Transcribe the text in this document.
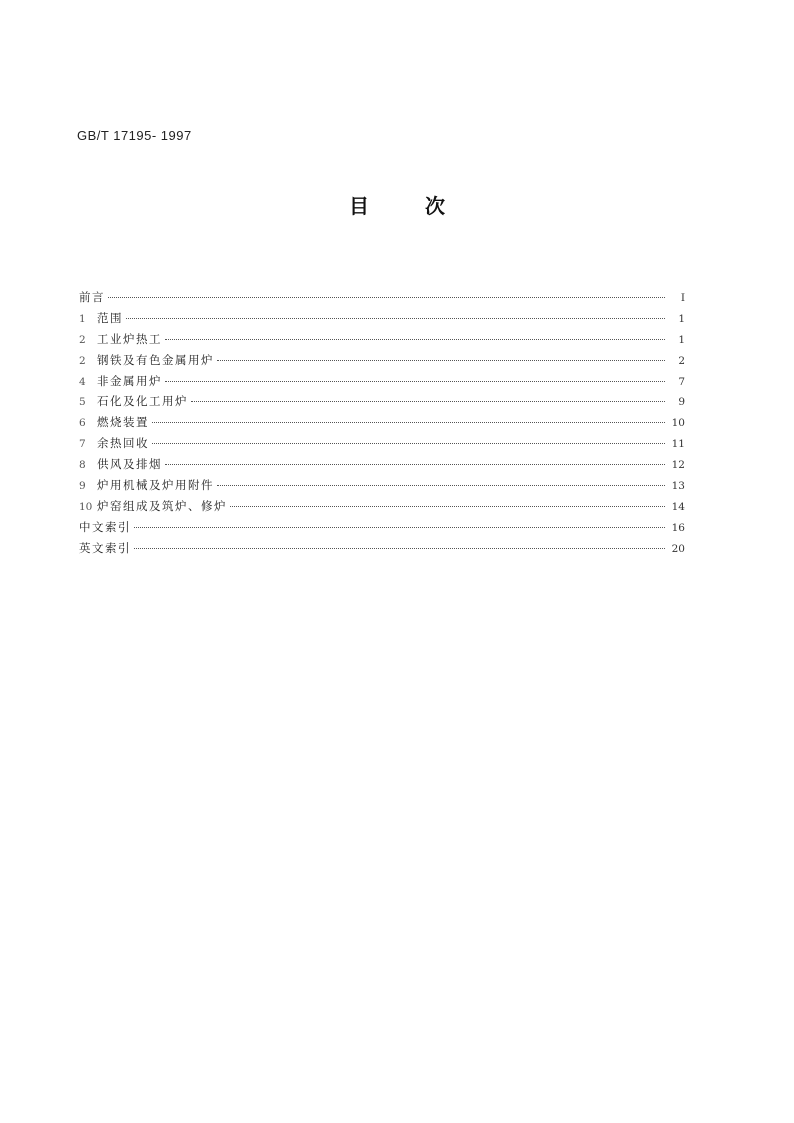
GB/T 17195- 1997
目	次
前言	I
1 范围	1
2 工业炉热工	1
2 钢铁及有色金属用炉	2
4 非金属用炉	7
5 石化及化工用炉	9
6 燃烧装置	10
7 余热回收	11
8 供风及排烟	12
9 炉用机械及炉用附件	13
10 炉窑组成及筑炉、修炉	14
中文索引	16
英文索引	20
